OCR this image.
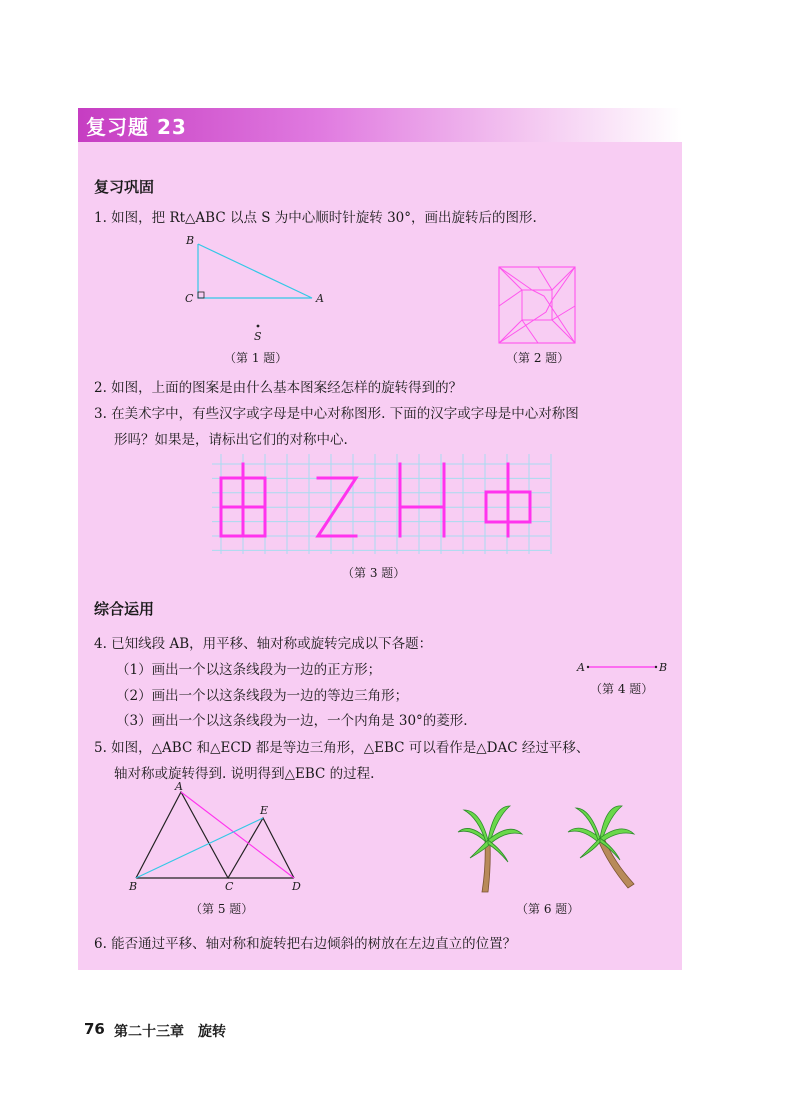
复习题 23
复习巩固
1. 如图，把 Rt△ABC 以点 S 为中心顺时针旋转 30°，画出旋转后的图形.
B
C	A
S
（第 1 题）	（第 2 题）
2. 如图，上面的图案是由什么基本图案经怎样的旋转得到的？
3. 在美术字中，有些汉字或字母是中心对称图形. 下面的汉字或字母是中心对称图
形吗？如果是，请标出它们的对称中心.
（第 3 题）
综合运用
4. 已知线段 AB，用平移、轴对称或旋转完成以下各题：
（1）画出一个以这条线段为一边的正方形；
（2）画出一个以这条线段为一边的等边三角形；
（3）画出一个以这条线段为一边，一个内角是 30°的菱形.
A	B
（第 4 题）
5. 如图，△ABC 和△ECD 都是等边三角形，△EBC 可以看作是△DAC 经过平移、
轴对称或旋转得到. 说明得到△EBC 的过程.
A
E
B	C	D
（第 5 题）	（第 6 题）
6. 能否通过平移、轴对称和旋转把右边倾斜的树放在左边直立的位置？
76 第二十三章　旋转
